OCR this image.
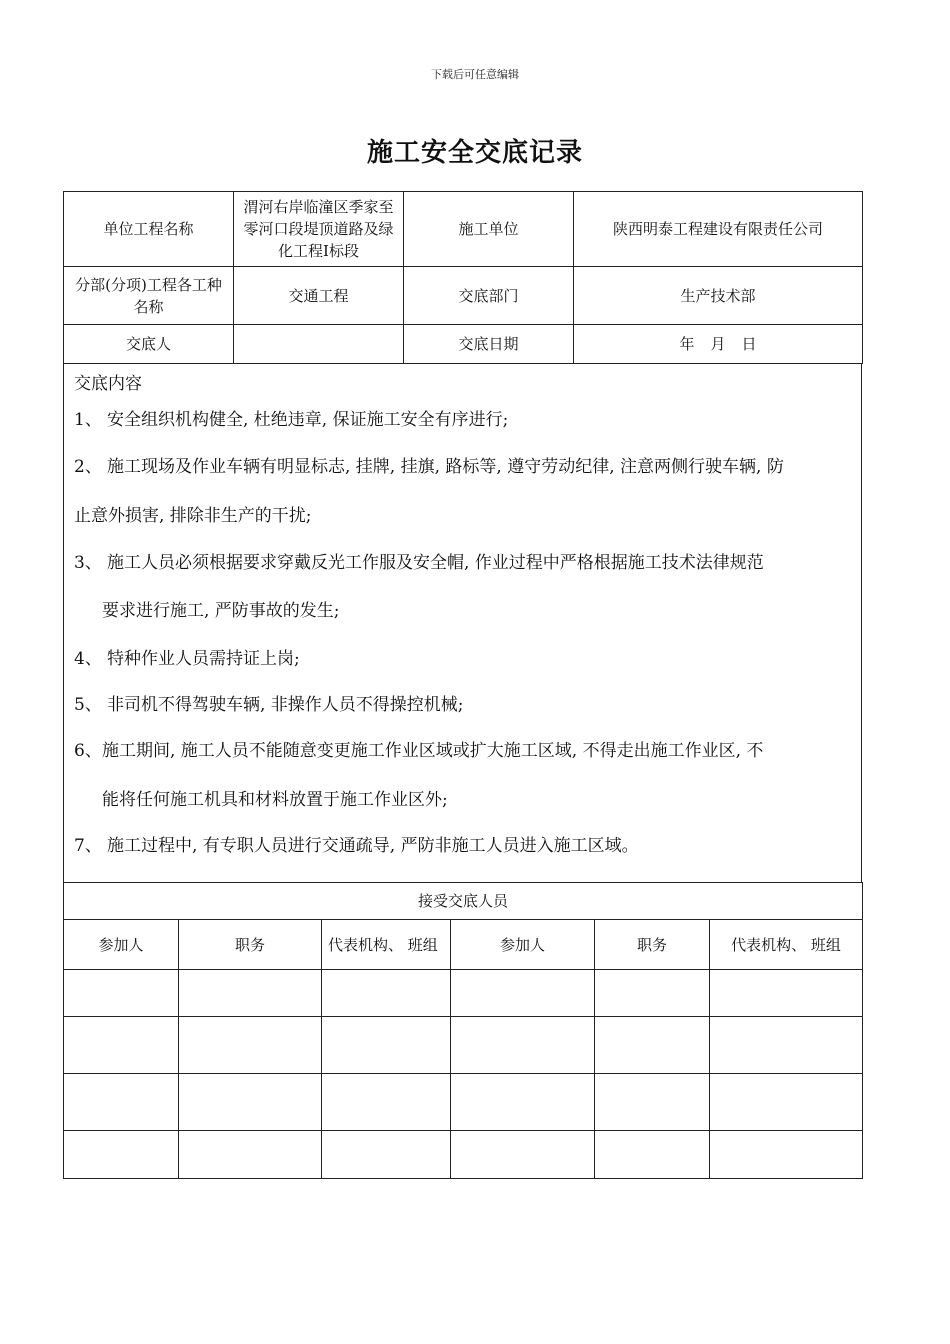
下载后可任意编辑
施工安全交底记录
单位工程名称	渭河右岸临潼区季家至零河口段堤顶道路及绿化工程Ⅰ标段	施工单位	陕西明泰工程建设有限责任公司
分部(分项)工程各工种名称	交通工程	交底部门	生产技术部
交底人		交底日期	年 月 日
交底内容
1、 安全组织机构健全, 杜绝违章, 保证施工安全有序进行;
2、 施工现场及作业车辆有明显标志, 挂牌, 挂旗, 路标等, 遵守劳动纪律, 注意两侧行驶车辆, 防
止意外损害, 排除非生产的干扰;
3、 施工人员必须根据要求穿戴反光工作服及安全帽, 作业过程中严格根据施工技术法律规范
要求进行施工, 严防事故的发生;
4、 特种作业人员需持证上岗;
5、 非司机不得驾驶车辆, 非操作人员不得操控机械;
6、施工期间, 施工人员不能随意变更施工作业区域或扩大施工区域, 不得走出施工作业区, 不
能将任何施工机具和材料放置于施工作业区外;
7、 施工过程中, 有专职人员进行交通疏导, 严防非施工人员进入施工区域。
接受交底人员					
参加人	职务	代表机构、 班组	参加人	职务	代表机构、 班组
